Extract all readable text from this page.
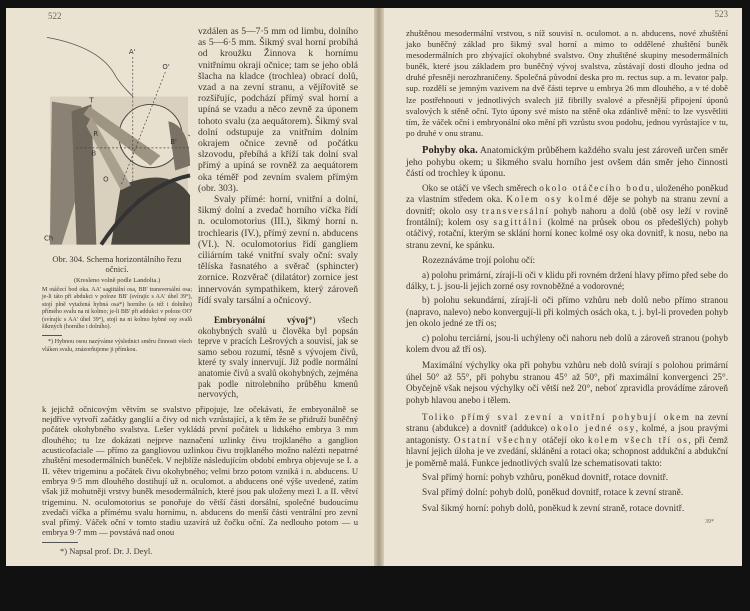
522
A'
O'
T
R
B
B'
O
A
Ch

Obr. 304. Schema horizontálního řezu očnicí.

(Kresleno volně podle Landolta.)

M otáčecí bod oka. AA' sagittální osa, BB' transversální osa; je-li táto při abdukci v poloze BB' (svírajíc s AA' úhel 39°), stojí plně vytažená hybná osa*) horního (a též i dolního) přímého svalu na ni kolmo; je-li BB' při addukci v poloze OO' (svírajíc s AA' úhel 39°), stojí na ni kolmo hybné osy svalů šikmých (horního i dolního).

*) Hybnou osou nazýváme výslednici směru činnosti všech vláken svalu, znázorňujeme ji přímkou.

vzdálen as 5—7·5 mm od limbu, dolního as 5—6·5 mm. Šikmý sval horní probíhá od kroužku Žinnova k hornímu vnitřnímu okraji očnice; tam se jeho oblá šlacha na kladce (trochlea) obrací dolů, vzad a na zevní stranu, a vějířovitě se rozšiřujíc, podchází přímý sval horní a upíná se vzadu a něco zevně za úponem tohoto svalu (za aequátorem). Šikmý sval dolní odstupuje za vnitřním dolním okrajem očnice zevně od počátku slzovodu, přebíhá a kříží tak dolní sval přímý a upíná se rovněž za aequátorem oka téměř pod zevním svalem přímým (obr. 303).

Svaly přímé: horní, vnitřní a dolní, šikmý dolní a zvedač horního víčka řídí n. oculomotorius (III.), šikmý horní n. trochlearis (IV.), přímý zevní n. abducens (VI.). N. oculomotorius řídí gangliem ciliárním také vnitřní svaly oční: svaly tělíska řasnatého a svěrač (sphincter) zornice. Rozvěrač (dilatátor) zornice jest innervován sympathikem, který zároveň řídí svaly tarsální a očnicový.

Embryonální vývoj*) všech okohybných svalů u člověka byl popsán teprve v pracích Lešrových a souvisí, jak se samo sebou rozumí, těsně s vývojem čivů, které ty svaly innervují. Již podle normální anatomie čivů a svalů okohybných, zejména pak podle nitrolebního průběhu kmenů nervových,

k jejichž očnicovým větvím se svalstvo připojuje, lze očekávati, že embryonálně se nejdříve vytvoří začátky ganglií a čivy od nich vzrůstající, a k těm že se přidruží buněčný počátek okohybného svalstva. Lešer vykládá první počátek u lidského embrya 3 mm dlouhého; tu lze dokázati nejprve naznačení uzlinky čivu trojklaného a ganglion acusticofaciale — přímo za gangliovou uzlinkou čivu trojklaného možno nalézti nepatrné zhuštění mesodermálních buněček. V nejblíže následujícím období embrya objevuje se I. a II. větev trigeminu a počátek čivu okohybného; velmi brzo potom vzniká i n. abducens. U embrya 9·5 mm dlouhého dostihují už n. oculomot. a abducens oné výše uvedené, zatím však již mohutněji vrstvy buněk mesodermálních, které jsou pak uloženy mezi I. a II. větví trigeminu. N. oculomotorius se ponořuje do větší části dorsální, společné budoucímu zvedači víčka a přímému svalu hornímu, n. abducens do menší části ventrální pro zevní sval přímý. Váček oční v tomto stadiu uzavírá už čočku oční. Za nedlouho potom — u embrya 9·7 mm — povstává nad onou

*) Napsal prof. Dr. J. Deyl.

523

zhuštěnou mesodermální vrstvou, s níž souvisí n. oculomot. a n. abducens, nové zhuštění jako buněčný základ pro šikmý sval horní a mimo to oddělené zhuštění buněk mesodermálních pro zbývající okohybné svalstvo. Ony zhuštěné skupiny mesodermálních buněk, které jsou základem pro buněčný vývoj svalstva, zůstávají dosti dlouho jedna od druhé přesněji nerozhraničeny. Společná původní deska pro m. rectus sup. a m. levator palp. sup. rozdělí se jemným vazivem na dvě části teprve u embrya 26 mm dlouhého, a v té době lze postřehnouti v jednotlivých svalech již fibrilly svalové a přesnější připojení úponů svalových k stěně oční. Tyto úpony své místo na stěně oka zdánlivě mění: to lze vysvětliti tím, že váček oční i embryonální oko mění při vzrůstu svou podobu, jednou vyrůstajíce v tu, po druhé v onu stranu.

Pohyby oka. Anatomickým průběhem každého svalu jest zároveň určen směr jeho pohybu okem; u šikmého svalu horního jest ovšem dán směr jeho činnosti částí od trochley k úponu.

Oko se otáčí ve všech směrech okolo otáčecího bodu, uloženého poněkud za vlastním středem oka. Kolem osy kolmé děje se pohyb na stranu zevní a dovnitř; okolo osy transversální pohyb nahoru a dolů (obě osy leží v rovině frontální); kolem osy sagittální (kolmé na průsek obou os předešlých) pohyb otáčivý, rotační, kterým se sklání horní konec kolmé osy oka dovnitř, k nosu, nebo na stranu zevní, ke spánku.

Rozeznáváme trojí polohu očí:

a) polohu primární, zírají-li oči v klidu při rovném držení hlavy přímo před sebe do dálky, t. j. jsou-li jejich zorné osy rovnoběžné a vodorovné;

b) polohu sekundární, zírají-li oči přímo vzhůru neb dolů nebo přímo stranou (napravo, nalevo) nebo konvergují-li při kolmých osách oka, t. j. byl-li proveden pohyb jen okolo jedné ze tří os;

c) polohu terciární, jsou-li uchýleny oči nahoru neb dolů a zároveň stranou (pohyb kolem dvou až tří os).

Maximální výchylky oka při pohybu vzhůru neb dolů svírají s polohou primární úhel 50° až 55°, při pohybu stranou 45° až 50°, při maximální konvergenci 25°. Obyčejně však nejsou výchylky očí větší než 20°, neboť zpravidla provádíme zároveň pohyb hlavou anebo i tělem.

Toliko přímý sval zevní a vnitřní pohybují okem na zevní stranu (abdukce) a dovnitř (addukce) okolo jedné osy, kolmé, a jsou pravými antagonisty. Ostatní všechny otáčejí oko kolem všech tří os, při čemž hlavní jejich úloha je ve zvedání, sklánění a rotaci oka; schopnost addukční a abdukční je poměrně malá. Funkce jednotlivých svalů lze schematisovati takto:

Sval přímý horní: pohyb vzhůru, poněkud dovnitř, rotace dovnitř.

Sval přímý dolní: pohyb dolů, poněkud dovnitř, rotace k zevní straně.

Sval šikmý horní: pohyb dolů, poněkud k zevní straně, rotace dovnitř.

39*
